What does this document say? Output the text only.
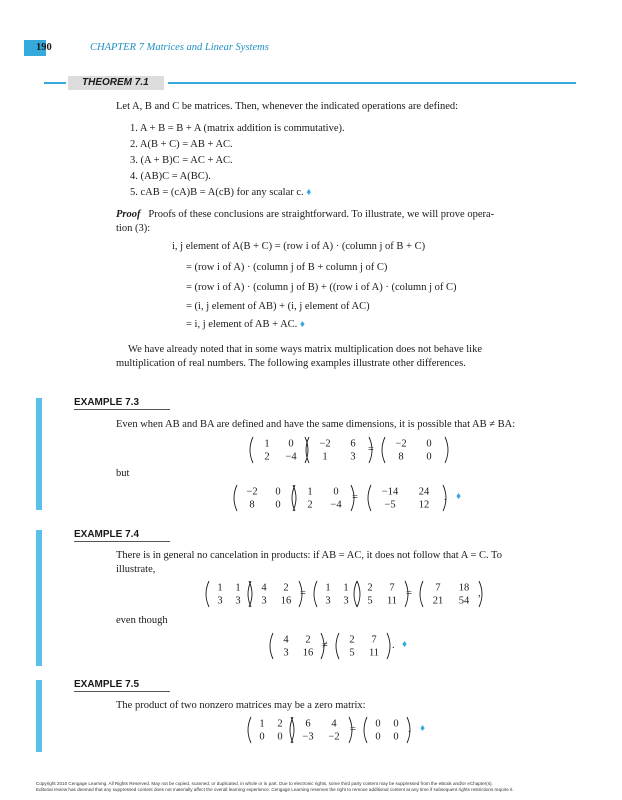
190	CHAPTER 7 Matrices and Linear Systems
THEOREM 7.1
Let A, B and C be matrices. Then, whenever the indicated operations are defined:
1. A + B = B + A (matrix addition is commutative).
2. A(B + C) = AB + AC.
3. (A + B)C = AC + AC.
4. (AB)C = A(BC).
5. cAB = (cA)B = A(cB) for any scalar c. ♦
Proof Proofs of these conclusions are straightforward. To illustrate, we will prove opera-
tion (3):
i, j element of A(B + C) = (row i of A) · (column j of B + C)
= (row i of A) · (column j of B + column j of C)
= (row i of A) · (column j of B) + ((row i of A) · (column j of C)
= (i, j element of AB) + (i, j element of AC)
= i, j element of AB + AC. ♦
We have already noted that in some ways matrix multiplication does not behave like
multiplication of real numbers. The following examples illustrate other differences.
EXAMPLE 7.3
Even when AB and BA are defined and have the same dimensions, it is possible that AB ≠ BA:
1 0
2 −4
−2 6
1 3
= −2 0
8 0
but
−2 0
8 0
1 0
2 −4
= −14 24
−5 12
. ♦
EXAMPLE 7.4
There is in general no cancelation in products: if AB = AC, it does not follow that A = C. To
illustrate,
1 1
3 3
4 2
3 16
= 1 1
3 3
2 7
5 11
= 7 18
21 54
,
even though
4 2
3 16
≠ 2 7
5 11
. ♦
EXAMPLE 7.5
The product of two nonzero matrices may be a zero matrix:
1 2
0 0
6 4
−3 −2
= 0 0
0 0
. ♦
Copyright 2010 Cengage Learning. All Rights Reserved. May not be copied, scanned, or duplicated, in whole or in part. Due to electronic rights, some third party content may be suppressed from the eBook and/or eChapter(s).
Editorial review has deemed that any suppressed content does not materially affect the overall learning experience. Cengage Learning reserves the right to remove additional content at any time if subsequent rights restrictions require it.
